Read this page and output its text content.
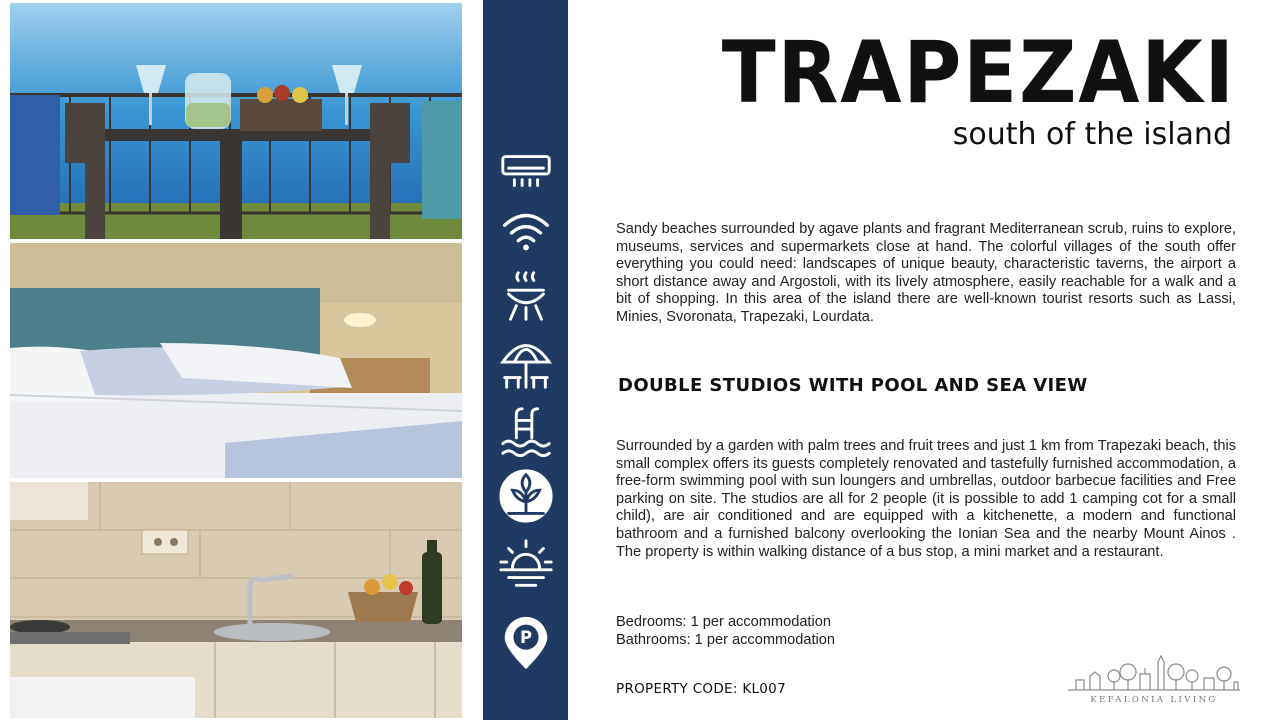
P
TRAPEZAKI
south of the island

Sandy beaches surrounded by agave plants and fragrant Mediterranean scrub, ruins to explore, museums, services and supermarkets close at hand. The colorful villages of the south offer everything you could need: landscapes of unique beauty, characteristic taverns, the airport a short distance away and Argostoli, with its lively atmosphere, easily reachable for a walk and a bit of shopping. In this area of the island there are well-known tourist resorts such as Lassi, Minies, Svoronata, Trapezaki, Lourdata.

DOUBLE STUDIOS WITH POOL AND SEA VIEW

Surrounded by a garden with palm trees and fruit trees and just 1 km from Trapezaki beach, this small complex offers its guests completely renovated and tastefully furnished accommodation, a free-form swimming pool with sun loungers and umbrellas, outdoor barbecue facilities and Free parking on site. The studios are all for 2 people (it is possible to add 1 camping cot for a small child), are air conditioned and are equipped with a kitchenette, a modern and functional bathroom and a furnished balcony overlooking the Ionian Sea and the nearby Mount Ainos . The property is within walking distance of a bus stop, a mini market and a restaurant.

Bedrooms: 1 per accommodation
Bathrooms: 1 per accommodation
PROPERTY CODE: KL007
KEFALONIA LIVING
